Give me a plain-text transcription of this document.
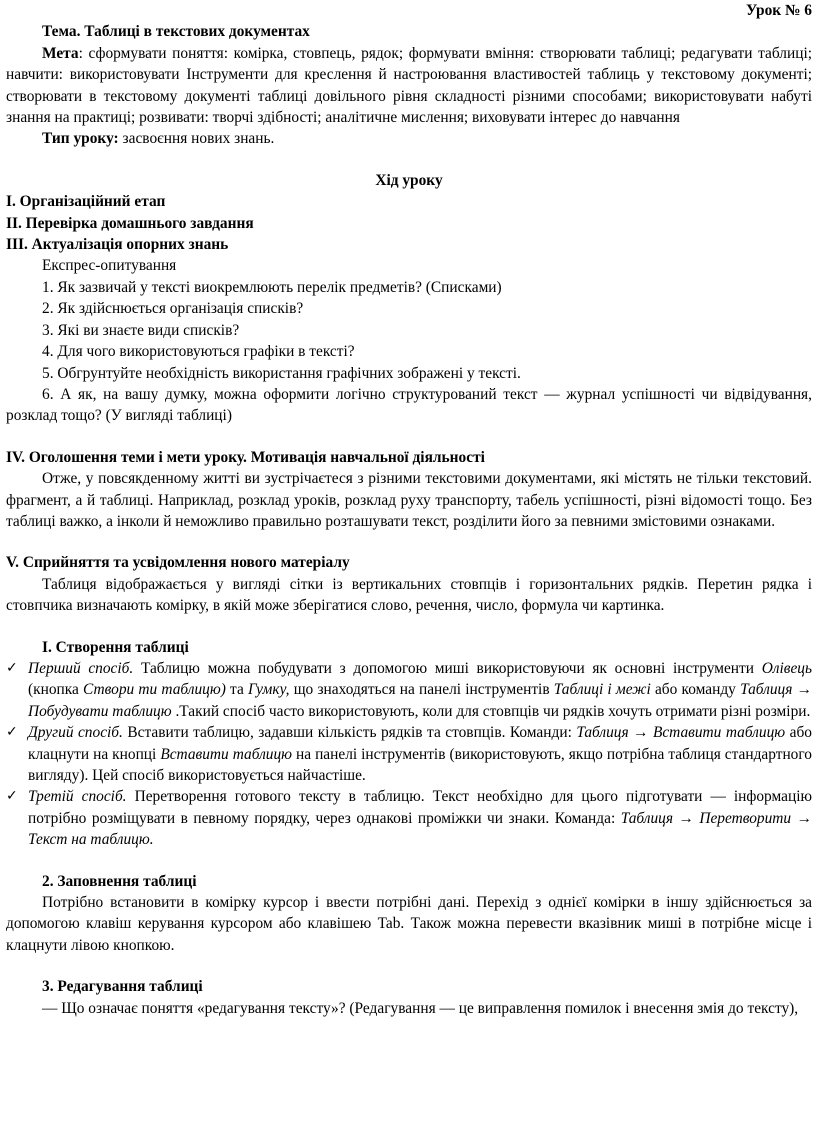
Урок № 6

Тема. Таблиці в текстових документах

Мета: сформувати поняття: комірка, стовпець, рядок; формувати вміння: створювати таблиці; редагувати таблиці; навчити: використовувати Інструменти для креслення й настроювання властивостей таблиць у текстовому документі; створювати в текстовому документі таблиці довільного рівня складності різними способами; використовувати набуті знання на практиці; розвивати: творчі здібності; аналітичне мислення; виховувати інтерес до навчання

Тип уроку: засвоєння нових знань.

Хід уроку

I. Організаційний етап

II. Перевірка домашнього завдання

III. Актуалізація опорних знань

Експрес-опитування

1. Як зазвичай у тексті виокремлюють перелік предметів? (Списками)

2. Як здійснюється організація списків?

3. Які ви знаєте види списків?

4. Для чого використовуються графіки в тексті?

5. Обгрунтуйте необхідність використання графічних зображені у тексті.

6. А як, на вашу думку, можна оформити логічно структурований текст — журнал успішності чи відвідування, розклад тощо? (У вигляді таблиці)

IV. Оголошення теми і мети уроку. Мотивація навчальної діяльності

Отже, у повсякденному житті ви зустрічаєтеся з різними текстовими документами, які містять не тільки текстовий. фрагмент, а й таблиці. Наприклад, розклад уроків, розклад руху транспорту, табель успішності, різні відомості тощо. Без таблиці важко, а інколи й неможливо правильно розташувати текст, розділити його за певними змістовими ознаками.

V. Сприйняття та усвідомлення нового матеріалу

Таблиця відображається у вигляді сітки із вертикальних стовпців і горизонтальних рядків. Перетин рядка і стовпчика визначають комірку, в якій може зберігатися слово, речення, число, формула чи картинка.

I. Створення таблиці

✓ Перший спосіб. Таблицю можна побудувати з допомогою миші використовуючи як основні інструменти Олівець (кнопка Створи ти таблицю) та Гумку, що знаходяться на панелі інструментів Таблиці і межі або команду Таблиця → Побудувати таблицю .Такий спосіб часто використовують, коли для стовпців чи рядків хочуть отримати різні розміри.
✓ Другий спосіб. Вставити таблицю, задавши кількість рядків та стовпців. Команди: Таблиця → Вставити таблицю або клацнути на кнопці Вставити таблицю на панелі інструментів (використовують, якщо потрібна таблиця стандартного вигляду). Цей спосіб використовується найчастіше.
✓ Третій спосіб. Перетворення готового тексту в таблицю. Текст необхідно для цього підготувати — інформацію потрібно розміщувати в певному порядку, через однакові проміжки чи знаки. Команда: Таблиця → Перетворити → Текст на таблицю.

2. Заповнення таблиці

Потрібно встановити в комірку курсор і ввести потрібні дані. Перехід з однієї комірки в іншу здійснюється за допомогою клавіш керування курсором або клавішею Tab. Також можна перевести вказівник миші в потрібне місце і клацнути лівою кнопкою.

3. Редагування таблиці

— Що означає поняття «редагування тексту»? (Редагування — це виправлення помилок і внесення змія до тексту),
